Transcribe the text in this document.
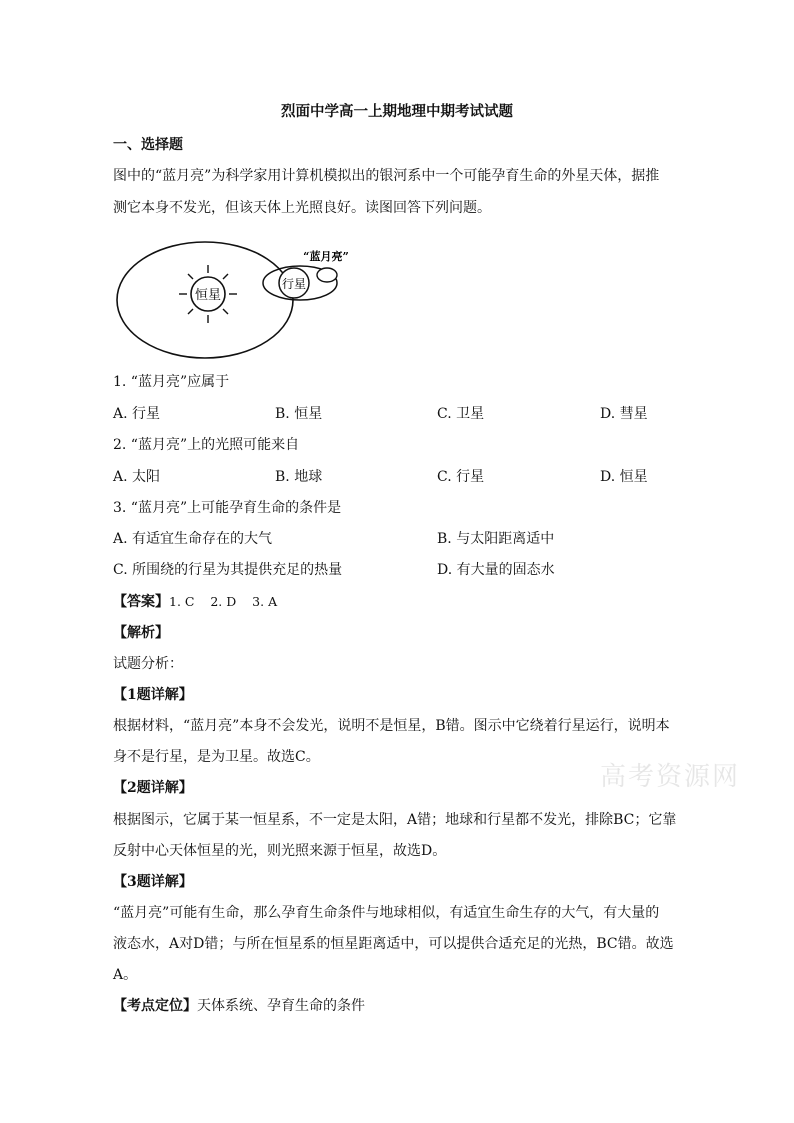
烈面中学高一上期地理中期考试试题
一、选择题
图中的“蓝月亮”为科学家用计算机模拟出的银河系中一个可能孕育生命的外星天体，据推
测它本身不发光，但该天体上光照良好。读图回答下列问题。
恒星
行星
“蓝月亮”
1. “蓝月亮”应属于
A. 行星	B. 恒星	C. 卫星	D. 彗星
2. “蓝月亮”上的光照可能来自
A. 太阳	B. 地球	C. 行星	D. 恒星
3. “蓝月亮”上可能孕育生命的条件是
A. 有适宜生命存在的大气	B. 与太阳距离适中
C. 所围绕的行星为其提供充足的热量	D. 有大量的固态水
【答案】1. C    2. D    3. A
【解析】
试题分析：
【1题详解】
根据材料，“蓝月亮”本身不会发光，说明不是恒星，B错。图示中它绕着行星运行，说明本
身不是行星，是为卫星。故选C。
【2题详解】
根据图示，它属于某一恒星系，不一定是太阳，A错；地球和行星都不发光，排除BC；它靠
反射中心天体恒星的光，则光照来源于恒星，故选D。
【3题详解】
“蓝月亮”可能有生命，那么孕育生命条件与地球相似，有适宜生命生存的大气，有大量的
液态水，A对D错；与所在恒星系的恒星距离适中，可以提供合适充足的光热，BC错。故选
A。
【考点定位】天体系统、孕育生命的条件
高考资源网
